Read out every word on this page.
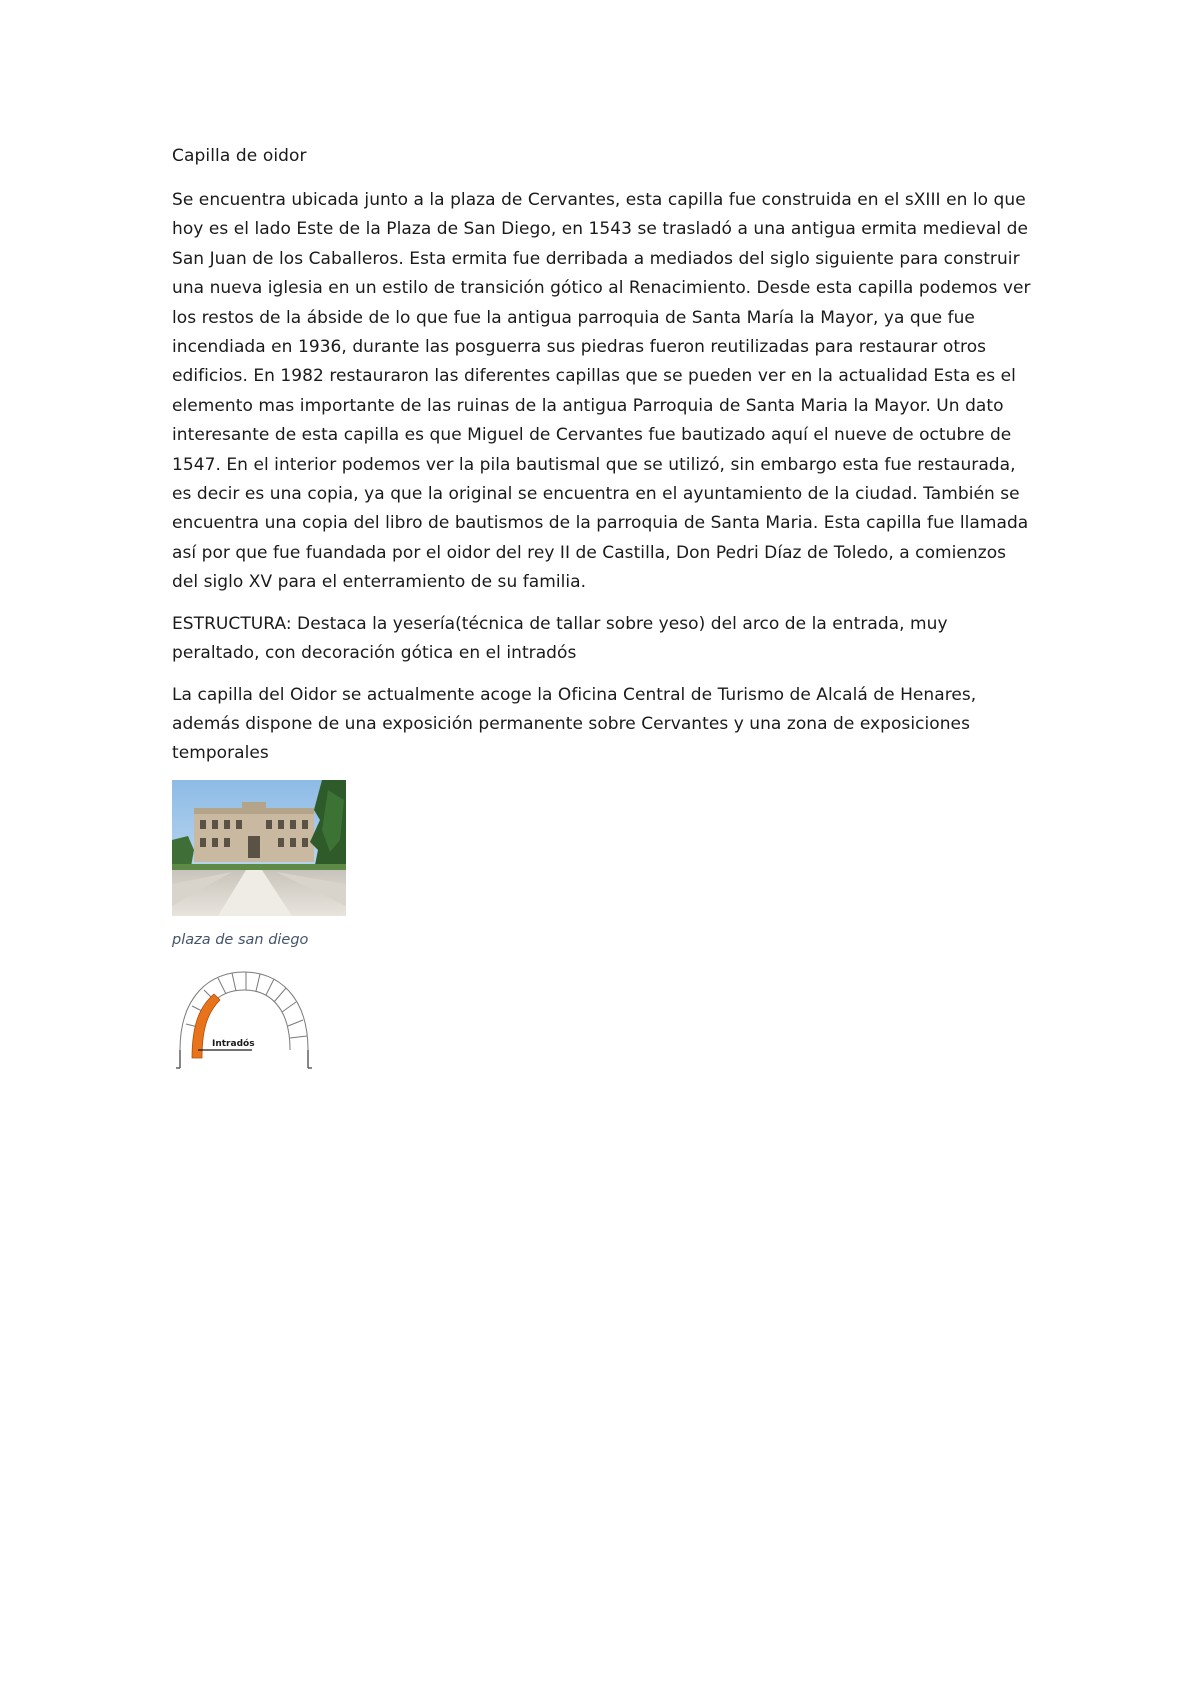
Capilla de oidor

Se encuentra ubicada junto a la plaza de Cervantes, esta capilla fue construida en el sXIII en lo que hoy es el lado Este de la Plaza de San Diego, en 1543 se trasladó a una antigua ermita medieval de San Juan de los Caballeros. Esta ermita fue derribada a mediados del siglo siguiente para construir una nueva iglesia en un estilo de transición gótico al Renacimiento. Desde esta capilla podemos ver los restos de la ábside de lo que fue la antigua parroquia de Santa María la Mayor, ya que fue incendiada en 1936, durante las posguerra sus piedras fueron reutilizadas para restaurar otros edificios. En 1982 restauraron las diferentes capillas que se pueden ver en la actualidad Esta es el elemento mas importante de las ruinas de la antigua Parroquia de Santa Maria la Mayor. Un dato interesante de esta capilla es que Miguel de Cervantes fue bautizado aquí el nueve de octubre de 1547. En el interior podemos ver la pila bautismal que se utilizó, sin embargo esta fue restaurada, es decir es una copia, ya que la original se encuentra en el ayuntamiento de la ciudad. También se encuentra una copia del libro de bautismos de la parroquia de Santa Maria. Esta capilla fue llamada así por que fue fuandada por el oidor del rey II de Castilla, Don Pedri Díaz de Toledo, a comienzos del siglo XV para el enterramiento de su familia.

ESTRUCTURA: Destaca la yesería(técnica de tallar sobre yeso) del arco de la entrada, muy peraltado, con decoración gótica en el intradós

La capilla del Oidor se actualmente acoge la Oficina Central de Turismo de Alcalá de Henares, además dispone de una exposición permanente sobre Cervantes y una zona de exposiciones temporales

plaza de san diego

Intradós
